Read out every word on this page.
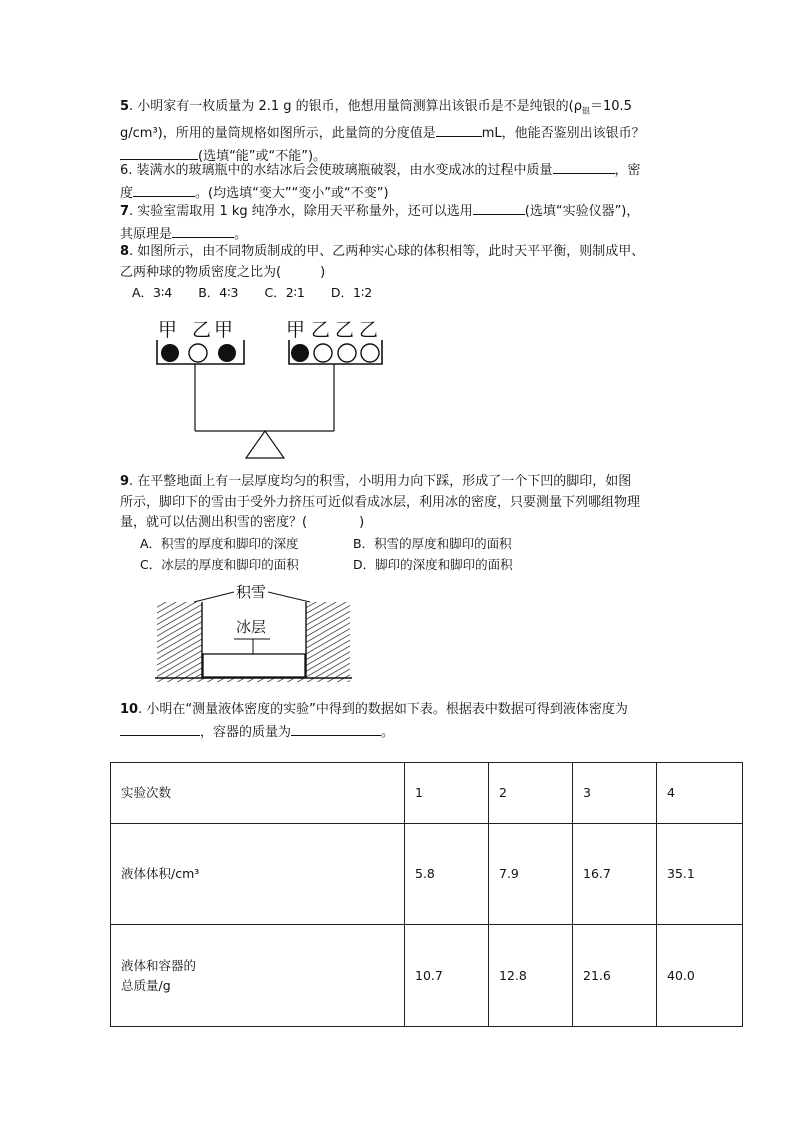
5. 小明家有一枚质量为 2.1 g 的银币，他想用量筒测算出该银币是不是纯银的($\rho_银=10.5$

g/cm³)，所用的量筒规格如图所示，此量筒的分度值是	mL，他能否鉴别出该银币？

(选填“能”或“不能”)。

6. 装满水的玻璃瓶中的水结冰后会使玻璃瓶破裂，由水变成冰的过程中质量	，密

度	。(均选填“变大”“变小”或“不变”)

7. 实验室需取用 1 kg 纯净水，除用天平称量外，还可以选用	(选填“实验仪器”)，

其原理是	。

8. 如图所示，由不同物质制成的甲、乙两种实心球的体积相等，此时天平平衡，则制成甲、

乙两种球的物质密度之比为(　　　)

A．3∶4 B．4∶3 C．2∶1 D．1∶2
甲 乙 甲	甲 乙 乙 乙

9. 在平整地面上有一层厚度均匀的积雪，小明用力向下踩，形成了一个下凹的脚印，如图

所示，脚印下的雪由于受外力挤压可近似看成冰层，利用冰的密度，只要测量下列哪组物理

量，就可以估测出积雪的密度？(　　　　)

A．积雪的厚度和脚印的深度	B．积雪的厚度和脚印的面积
C．冰层的厚度和脚印的面积	D．脚印的深度和脚印的面积
积雪
冰层

10. 小明在“测量液体密度的实验”中得到的数据如下表。根据表中数据可得到液体密度为

，容器的质量为	。

实验次数	1	2	3	4
液体体积/cm³	5.8	7.9	16.7	35.1

液体和容器的总质量/g	10.7	12.8	21.6	40.0
